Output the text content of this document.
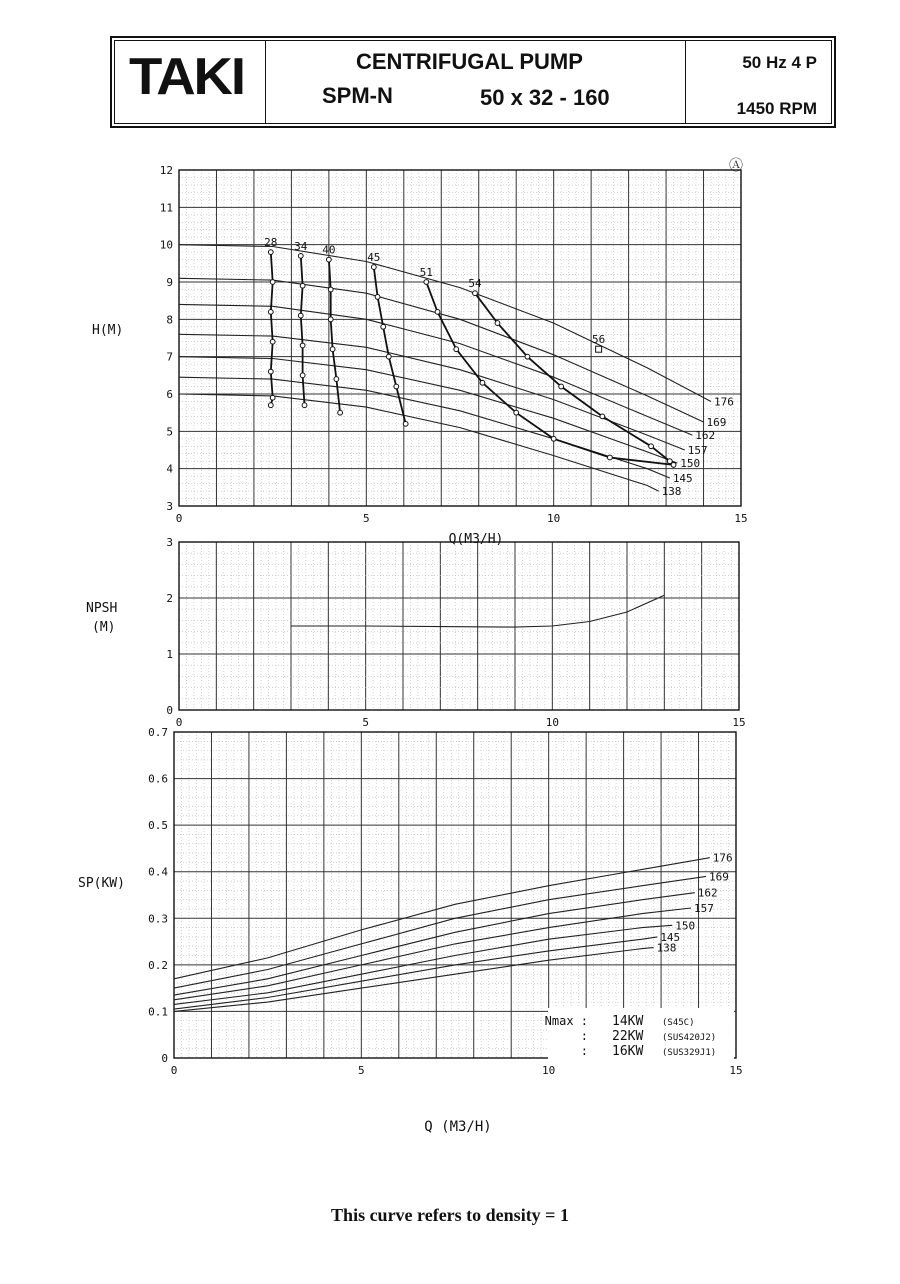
TAKI	CENTRIFUGAL PUMP
SPM-N	50 x 32 - 160
50 Hz 4 P
1450 RPM
0	5	10	15
3
4
5
6
7
8
9
10
11
12
176
169
162
157
150
145
138
28 34 40
45
51
54
56
H(M)
Q(M3/H)
Ⓐ
0	5	10	15
0
1
2
3
NPSH
(M)
0	5	10	15
0
0.1
0.2
0.3
0.4
0.5
0.6
0.7
176
169
162
157
150
145
138
SP(KW)
Q (M3/H)
Nmax : 14KW (S45C)
: 22KW (SUS420J2)
: 16KW (SUS329J1)
This curve refers to density = 1
